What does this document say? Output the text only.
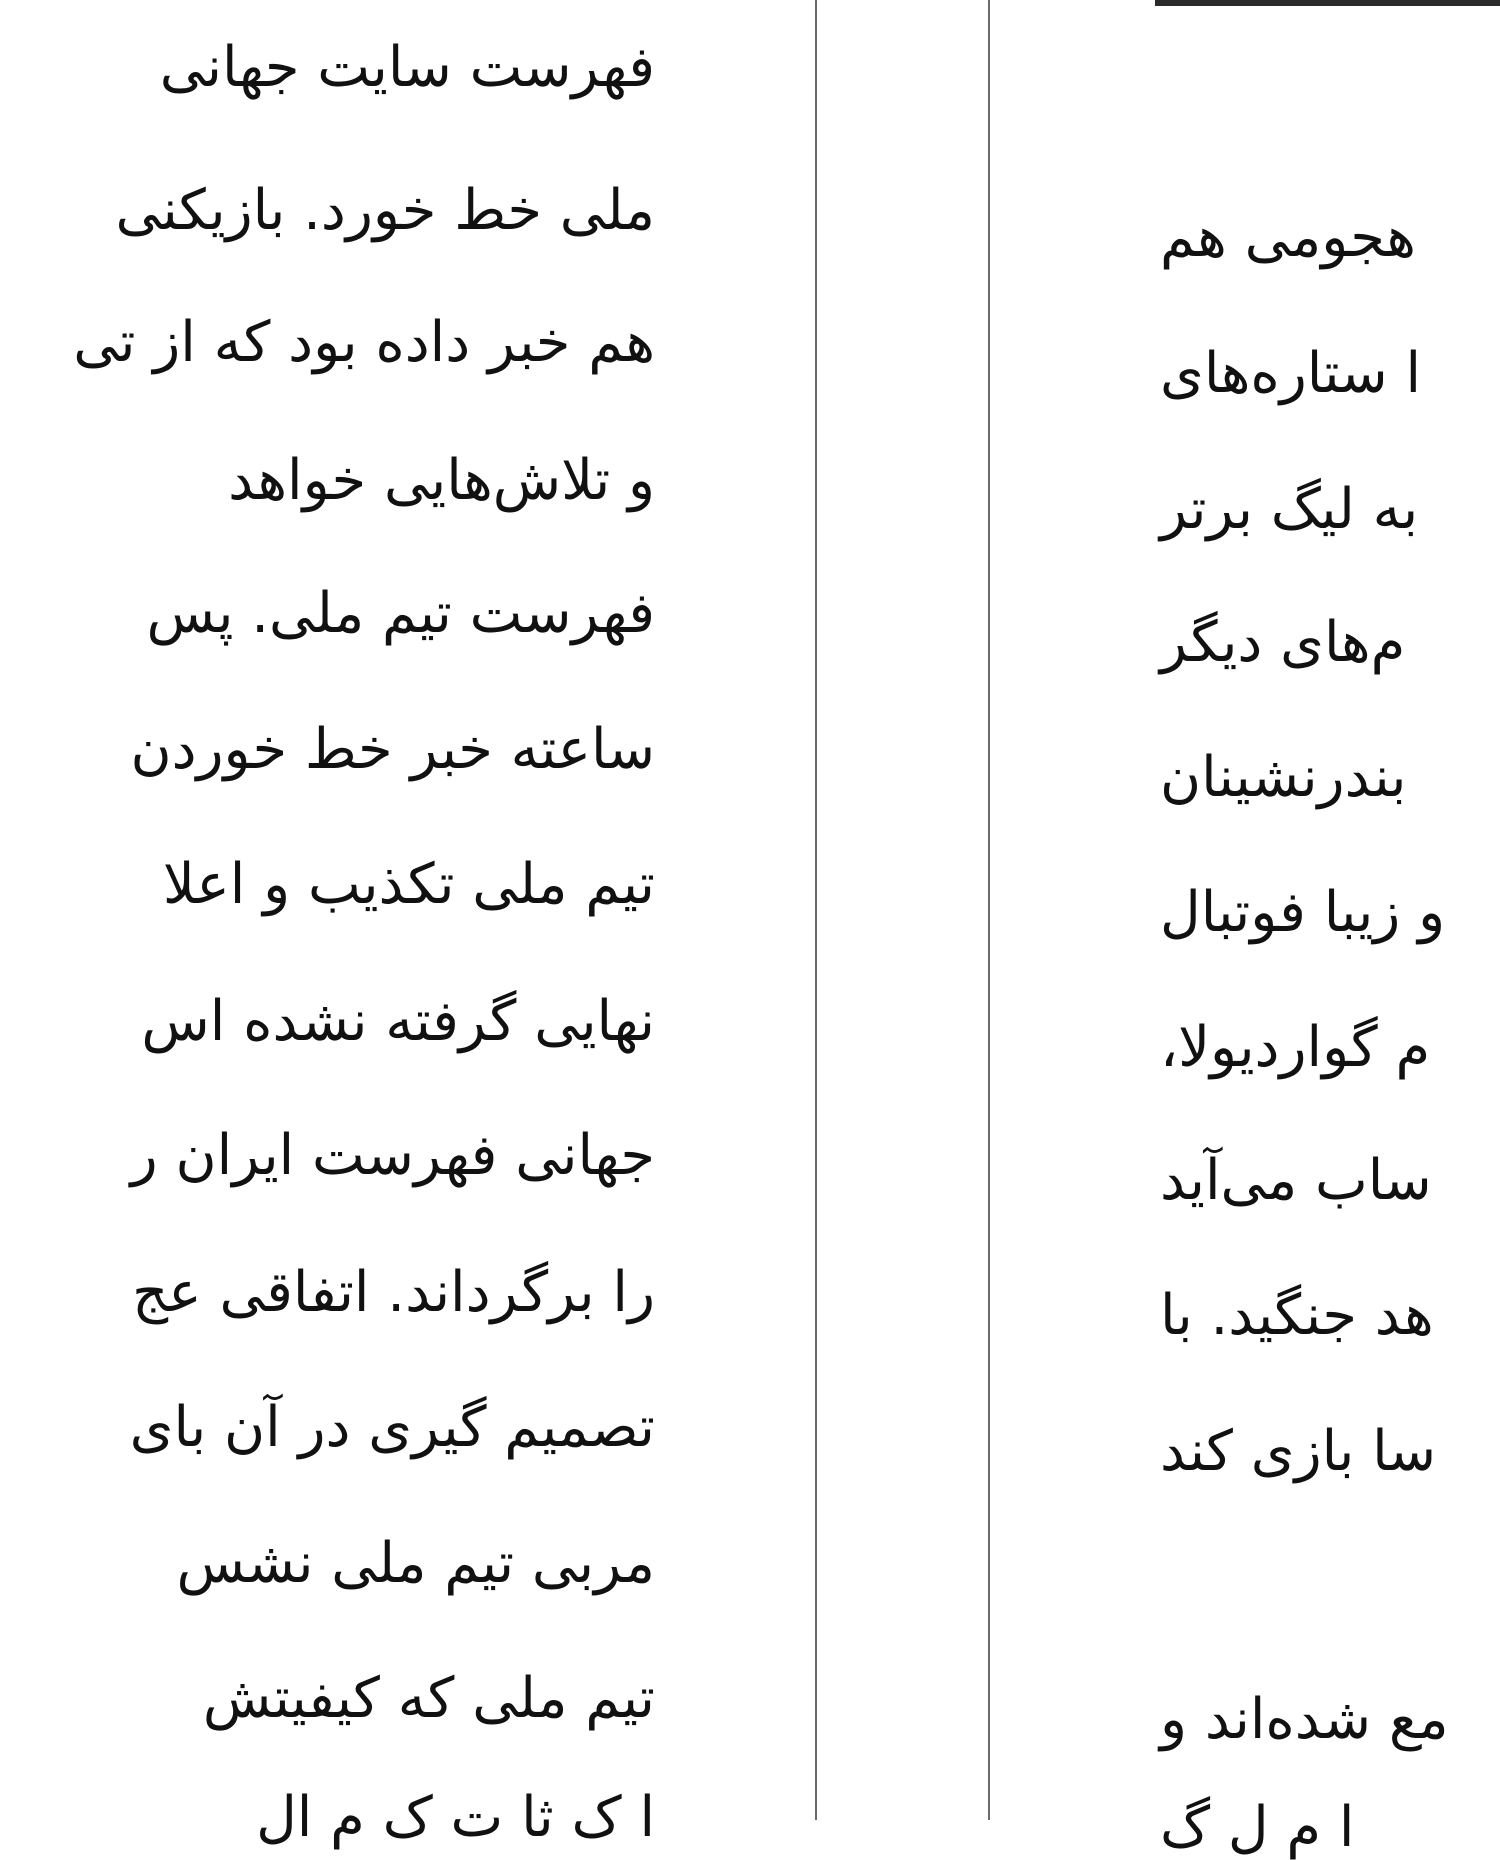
فهرست سایت جهانی
ملی خط خورد. بازیکنی
هم خبر داده بود که از تی
و تلاش‌هایی خواهد
فهرست تیم ملی. پس
ساعته خبر خط خوردن
تیم ملی تکذیب و اعلا
نهایی گرفته نشده اس
جهانی فهرست ایران ر
را برگرداند. اتفاقی عج
تصمیم گیری در آن بای
مربی تیم ملی نشس
تیم ملی که کیفیتش
ا ک ثا ت ک م ال
هجومی هم
ا ستاره‌های
به لیگ برتر
م‌های دیگر
بندرنشینان
و زیبا فوتبال
م گواردیولا،
ساب می‌آید
هد جنگید. با
سا بازی کند
مع شده‌اند و
ا م ل گ
